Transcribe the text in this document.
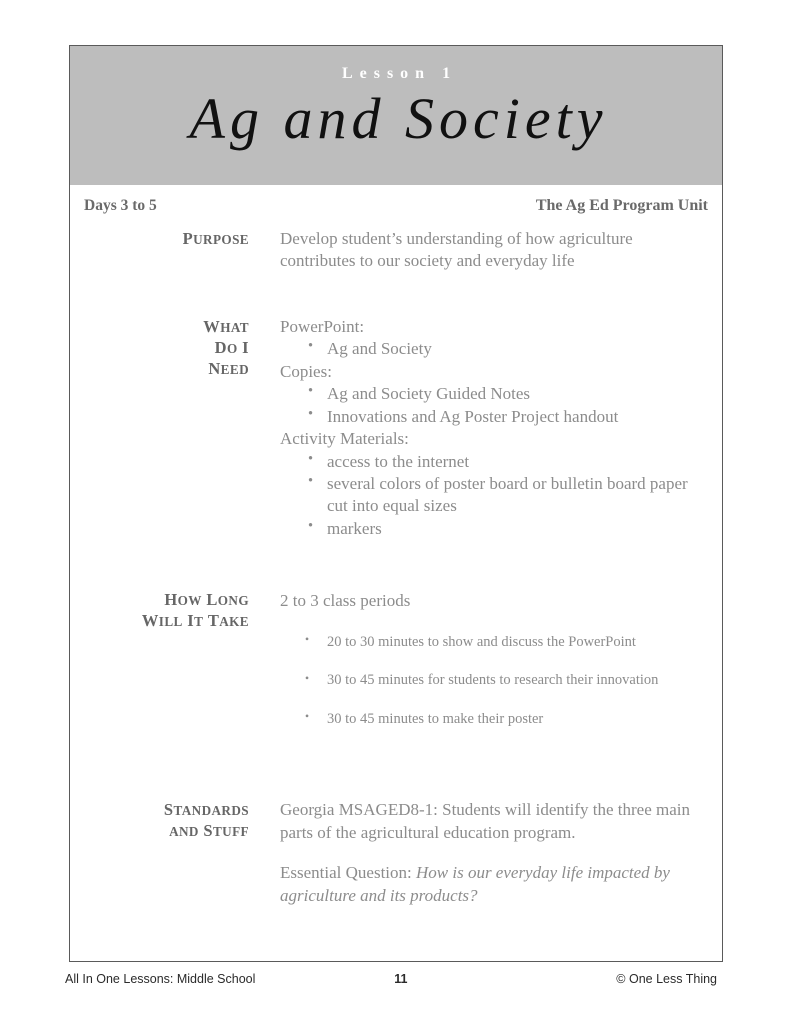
Lesson 1
Ag and Society
Days 3 to 5	The Ag Ed Program Unit
PURPOSE Develop student’s understanding of how agriculture contributes to our society and everyday life

WHAT
DO I
NEED

PowerPoint:

• Ag and Society

Copies:

• Ag and Society Guided Notes
• Innovations and Ag Poster Project handout

Activity Materials:

• access to the internet
• several colors of poster board or bulletin board paper cut into equal sizes
• markers
HOW LONG
WILL IT TAKE

2 to 3 class periods

• 20 to 30 minutes to show and discuss the PowerPoint
• 30 to 45 minutes for students to research their innovation
• 30 to 45 minutes to make their poster
STANDARDS
AND STUFF

Georgia MSAGED8-1: Students will identify the three main parts of the agricultural education program.

Essential Question: How is our everyday life impacted by agriculture and its products?

All In One Lessons: Middle School	11	© One Less Thing
